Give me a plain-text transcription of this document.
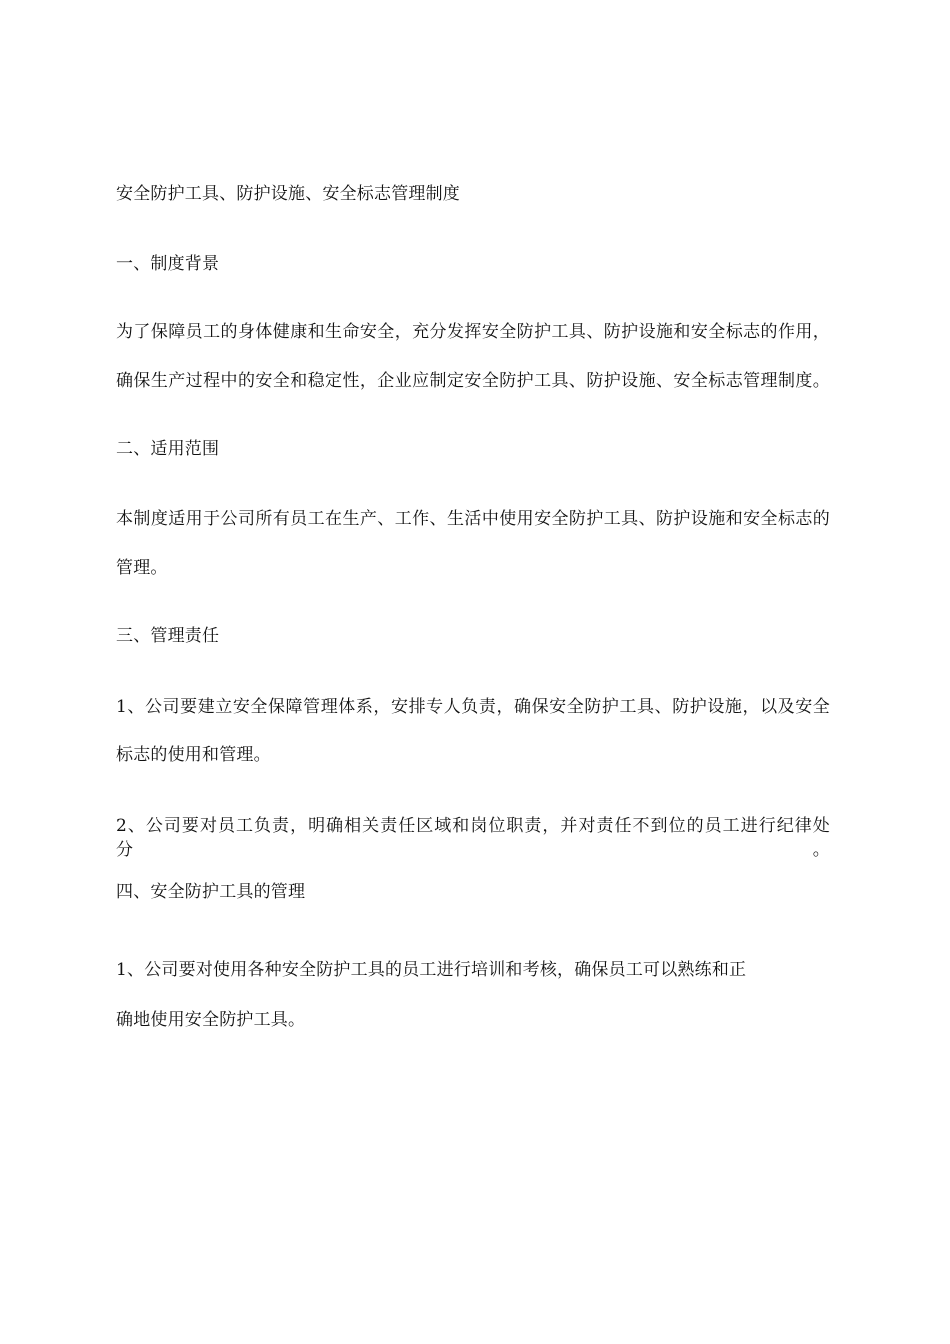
安全防护工具、防护设施、安全标志管理制度
一、制度背景
为了保障员工的身体健康和生命安全，充分发挥安全防护工具、防护设施和安全标志的作用，
确保生产过程中的安全和稳定性，企业应制定安全防护工具、防护设施、安全标志管理制度。
二、适用范围
本制度适用于公司所有员工在生产、工作、生活中使用安全防护工具、防护设施和安全标志的
管理。
三、管理责任
1、公司要建立安全保障管理体系，安排专人负责，确保安全防护工具、防护设施，以及安全
标志的使用和管理。
2、公司要对员工负责，明确相关责任区域和岗位职责，并对责任不到位的员工进行纪律处分。
四、安全防护工具的管理
1、公司要对使用各种安全防护工具的员工进行培训和考核，确保员工可以熟练和正
确地使用安全防护工具。
